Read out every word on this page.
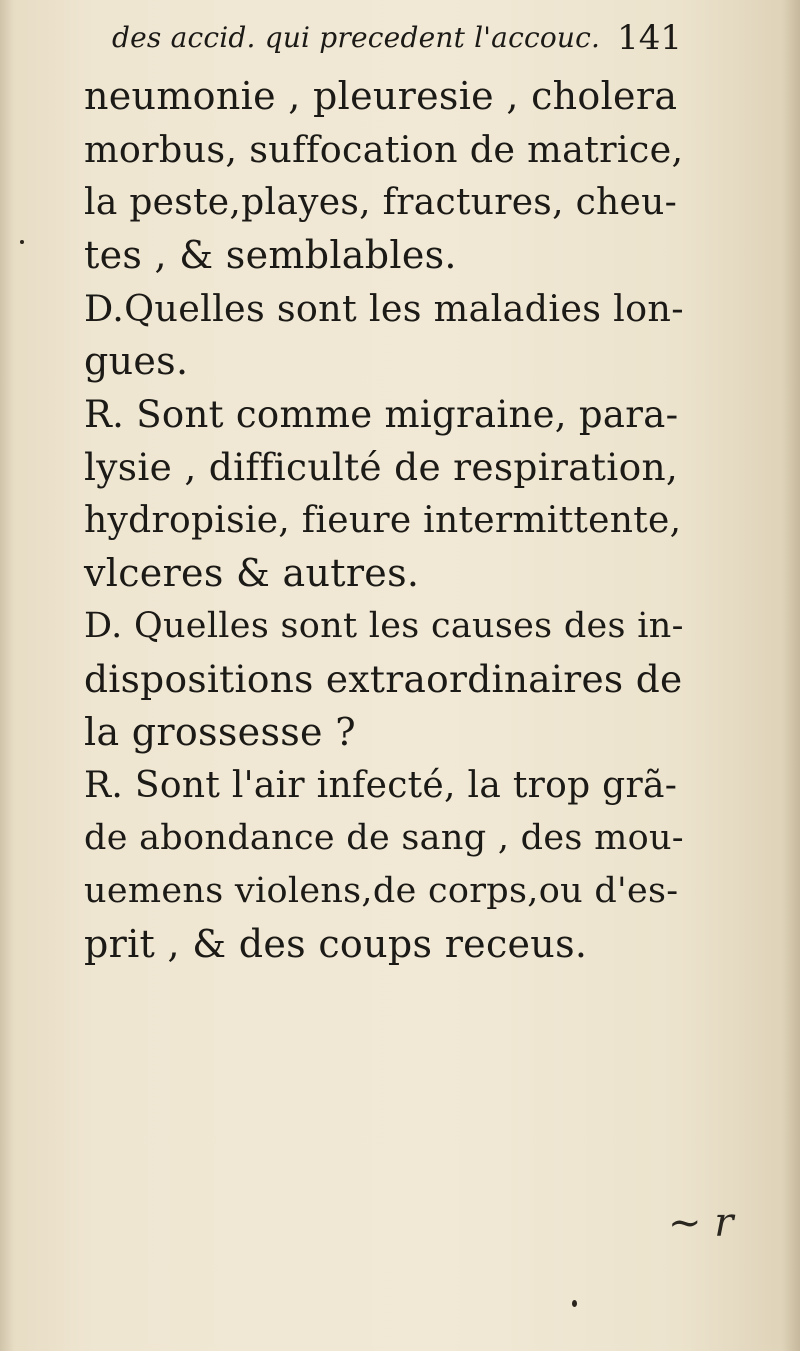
des accid. qui precedent l'accouc. 141
neumonie , pleuresie , cholera
morbus, suffocation de matrice,
la peste,playes, fractures, cheu-
tes , & semblables.
D.Quelles sont les maladies lon-
gues.
R. Sont comme migraine, para-
lysie , difficulté de respiration,
hydropisie, fieure intermittente,
vlceres & autres.
D. Quelles sont les causes des in-
dispositions extraordinaires de
la grossesse ?
R. Sont l'air infecté, la trop grã-
de abondance de sang , des mou-
uemens violens,de corps,ou d'es-
prit , & des coups receus.
~ r
